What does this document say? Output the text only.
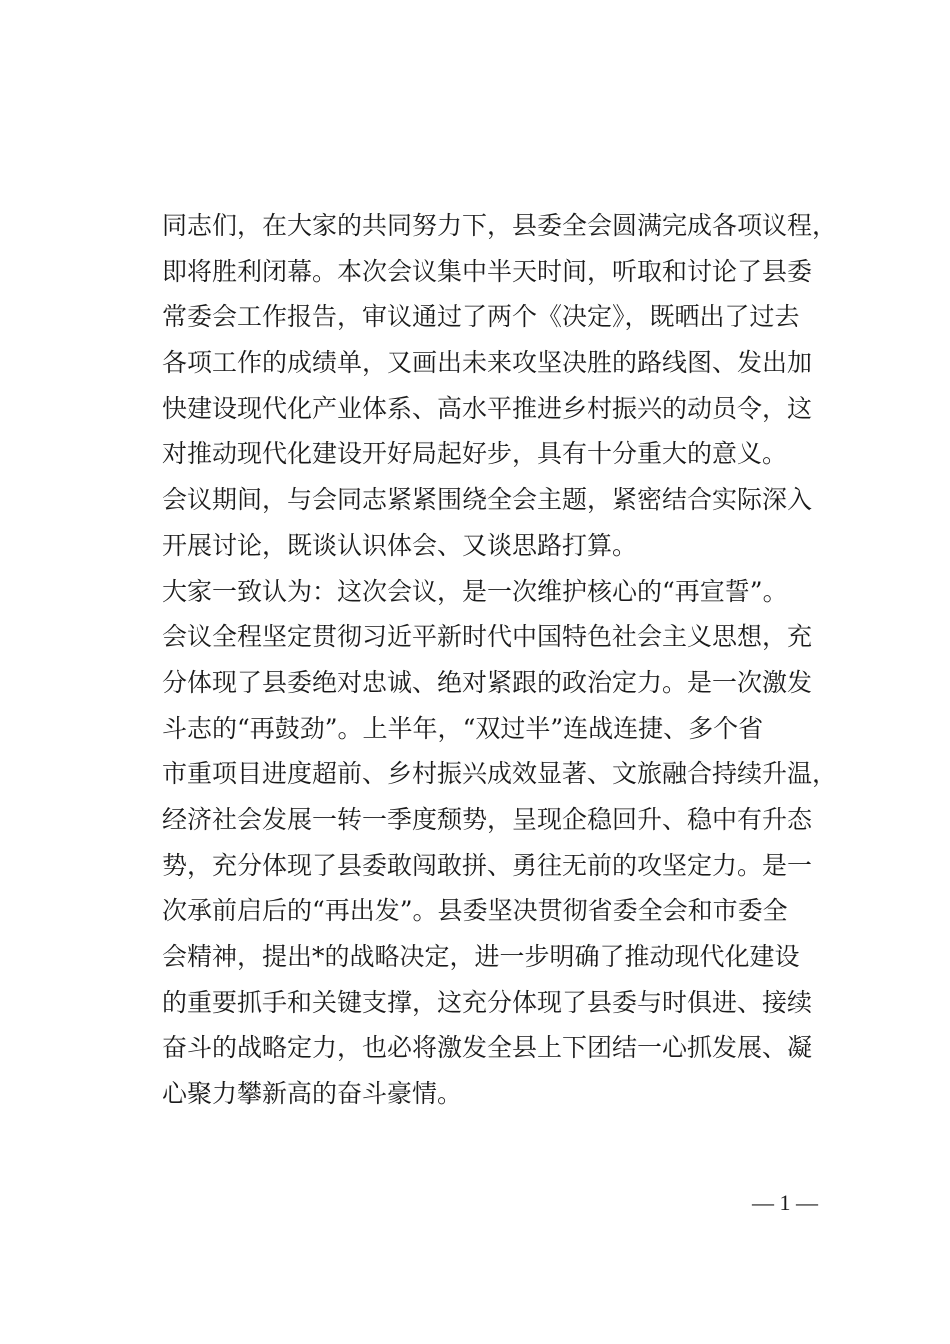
同志们，在大家的共同努力下，县委全会圆满完成各项议程，
即将胜利闭幕。本次会议集中半天时间，听取和讨论了县委
常委会工作报告，审议通过了两个《决定》，既晒出了过去
各项工作的成绩单，又画出未来攻坚决胜的路线图、发出加
快建设现代化产业体系、高水平推进乡村振兴的动员令，这
对推动现代化建设开好局起好步，具有十分重大的意义。
会议期间，与会同志紧紧围绕全会主题，紧密结合实际深入
开展讨论，既谈认识体会、又谈思路打算。
大家一致认为：这次会议，是一次维护核心的“再宣誓”。
会议全程坚定贯彻习近平新时代中国特色社会主义思想，充
分体现了县委绝对忠诚、绝对紧跟的政治定力。是一次激发
斗志的“再鼓劲”。上半年，“双过半”连战连捷、多个省
市重项目进度超前、乡村振兴成效显著、文旅融合持续升温，
经济社会发展一转一季度颓势，呈现企稳回升、稳中有升态
势，充分体现了县委敢闯敢拼、勇往无前的攻坚定力。是一
次承前启后的“再出发”。县委坚决贯彻省委全会和市委全
会精神，提出*的战略决定，进一步明确了推动现代化建设
的重要抓手和关键支撑，这充分体现了县委与时俱进、接续
奋斗的战略定力，也必将激发全县上下团结一心抓发展、凝
心聚力攀新高的奋斗豪情。
— 1 —
